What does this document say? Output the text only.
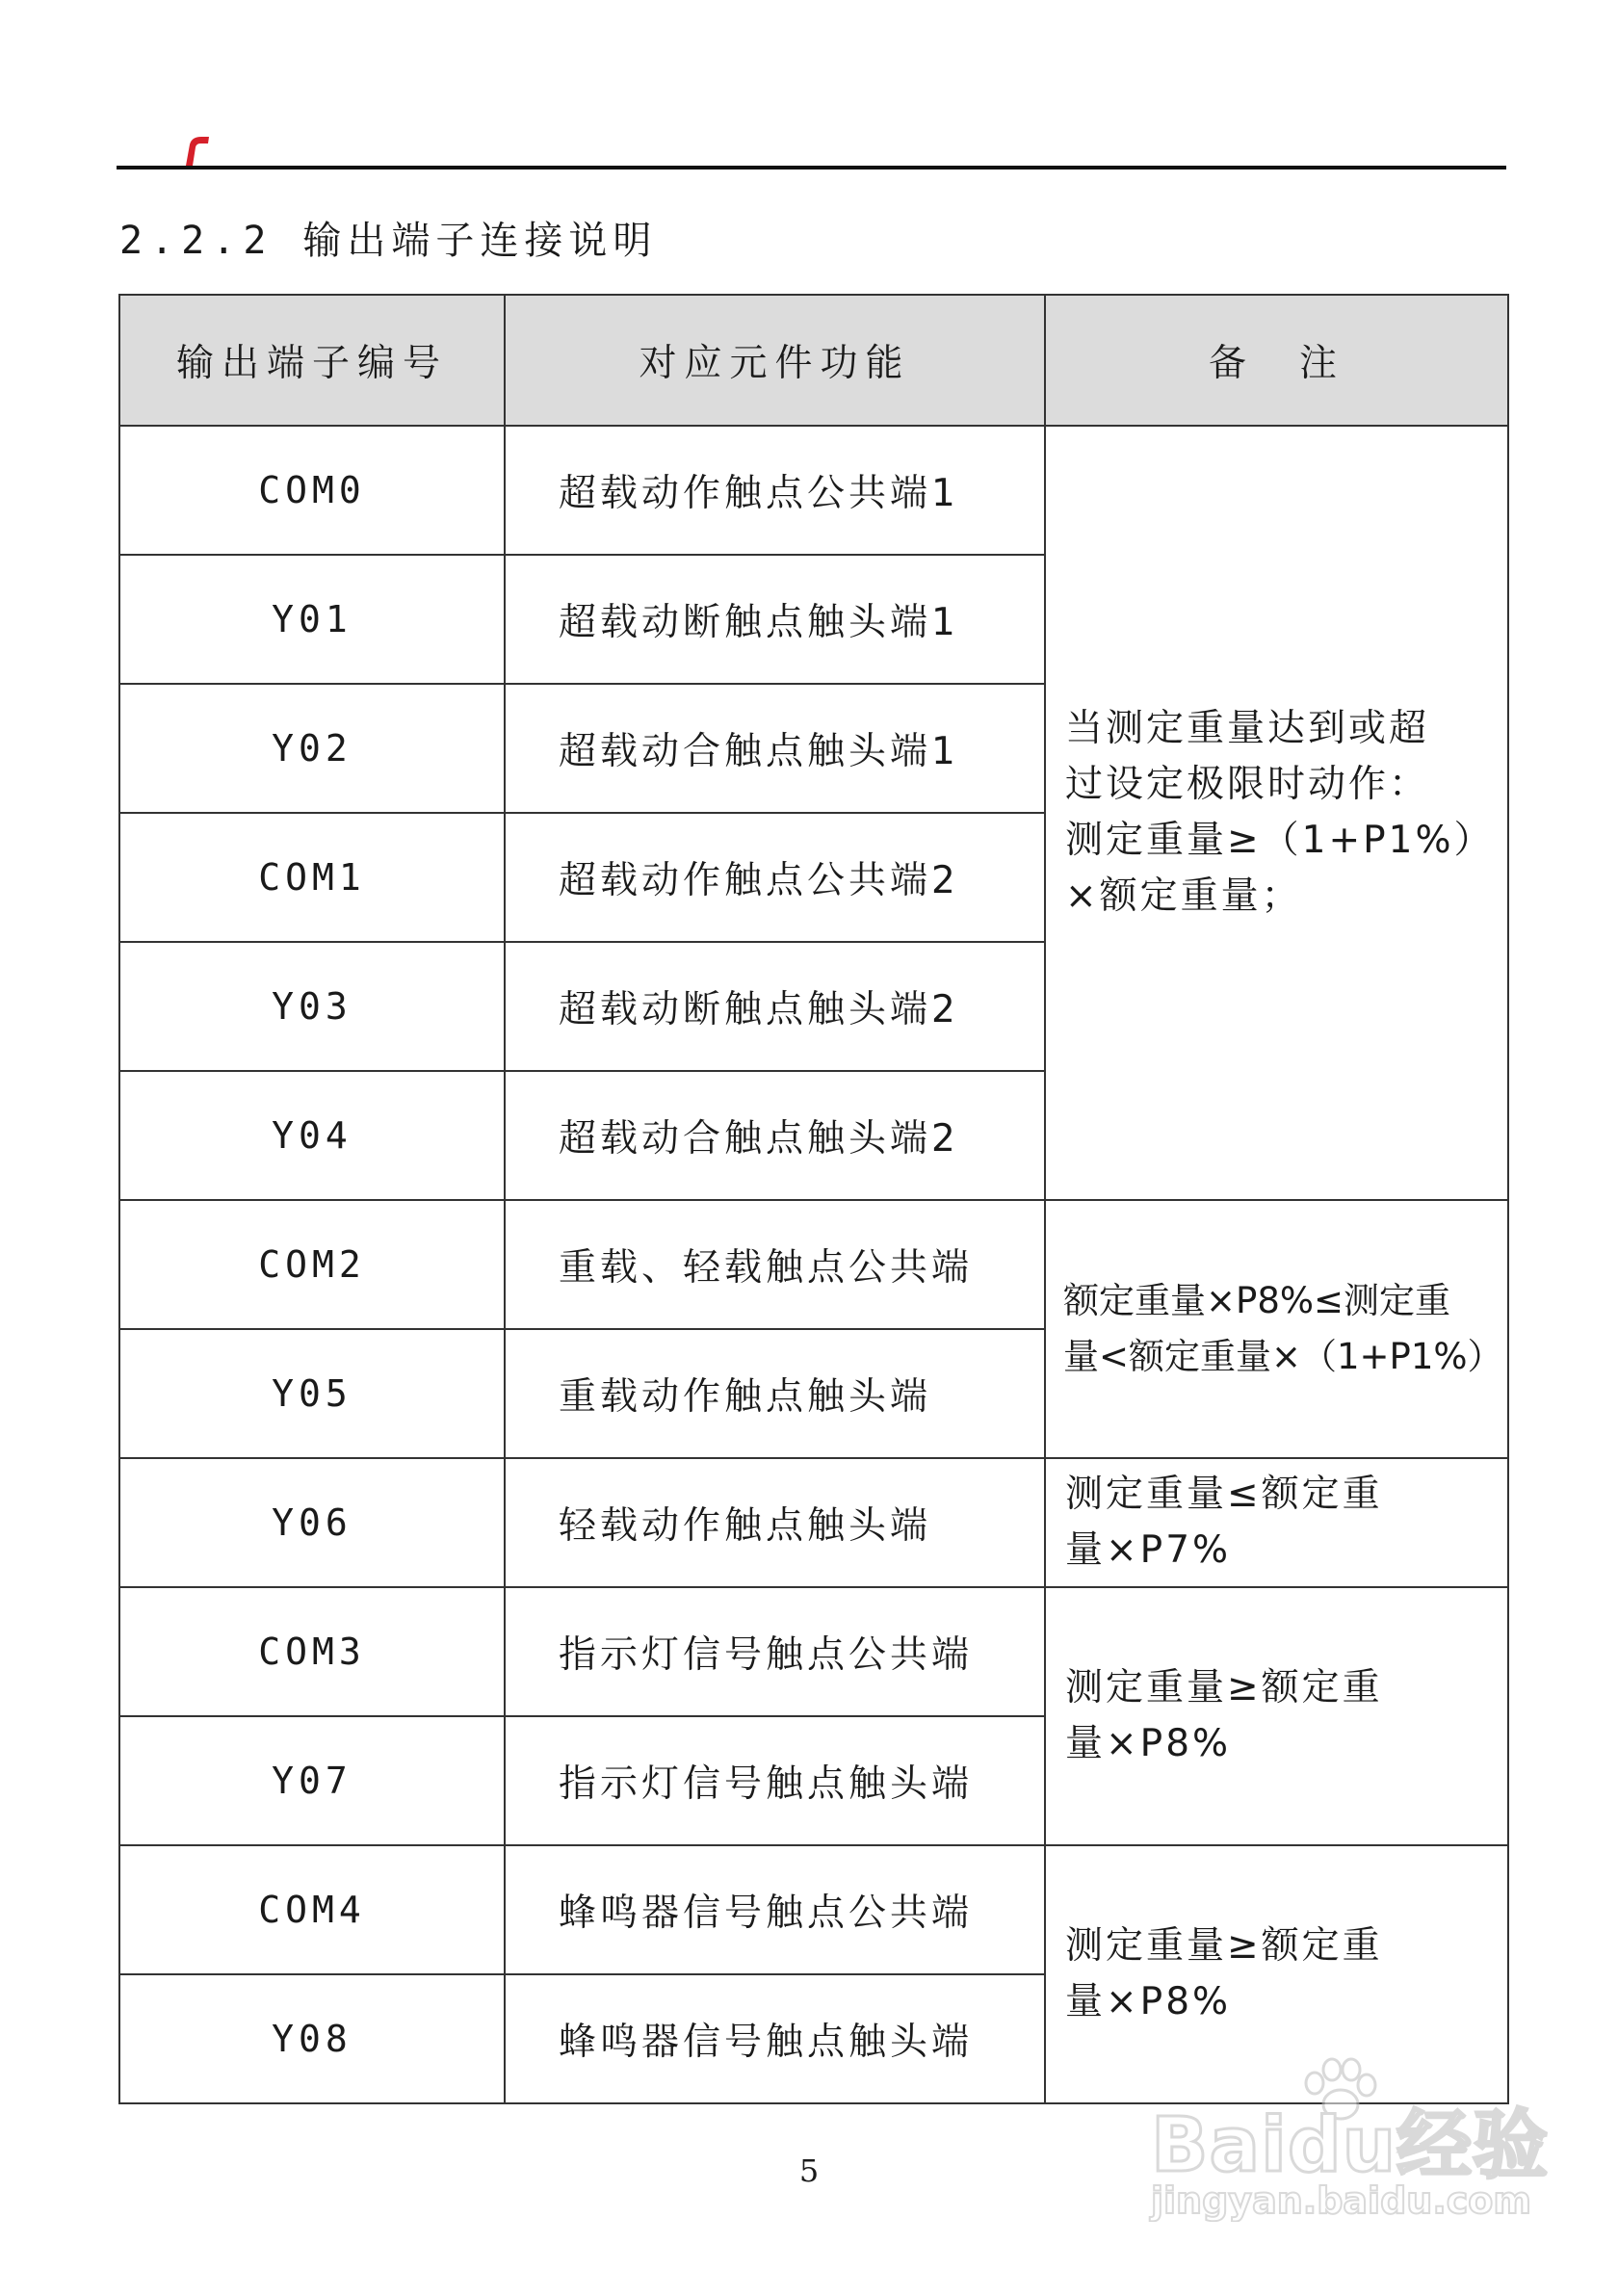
2.2.2 输出端子连接说明
输出端子编号	对应元件功能	备　注
COM0	超载动作触点公共端1	当测定重量达到或超
过设定极限时动作：
测定重量≥（1+P1%）
×额定重量；

Y01	超载动断触点触头端1	
Y02	超载动合触点触头端1	
COM1	超载动作触点公共端2	
Y03	超载动断触点触头端2	
Y04	超载动合触点触头端2	
COM2	重载、轻载触点公共端	额定重量×P8%≤测定重
量<额定重量×（1+P1%）

Y05	重载动作触点触头端	
Y06	轻载动作触点触头端	测定重量≤额定重
量×P7%

COM3	指示灯信号触点公共端	测定重量≥额定重
量×P8%

Y07	指示灯信号触点触头端	
COM4	蜂鸣器信号触点公共端	测定重量≥额定重
量×P8%

Y08	蜂鸣器信号触点触头端	
5	Baidu经验
jingyan.baidu.com
